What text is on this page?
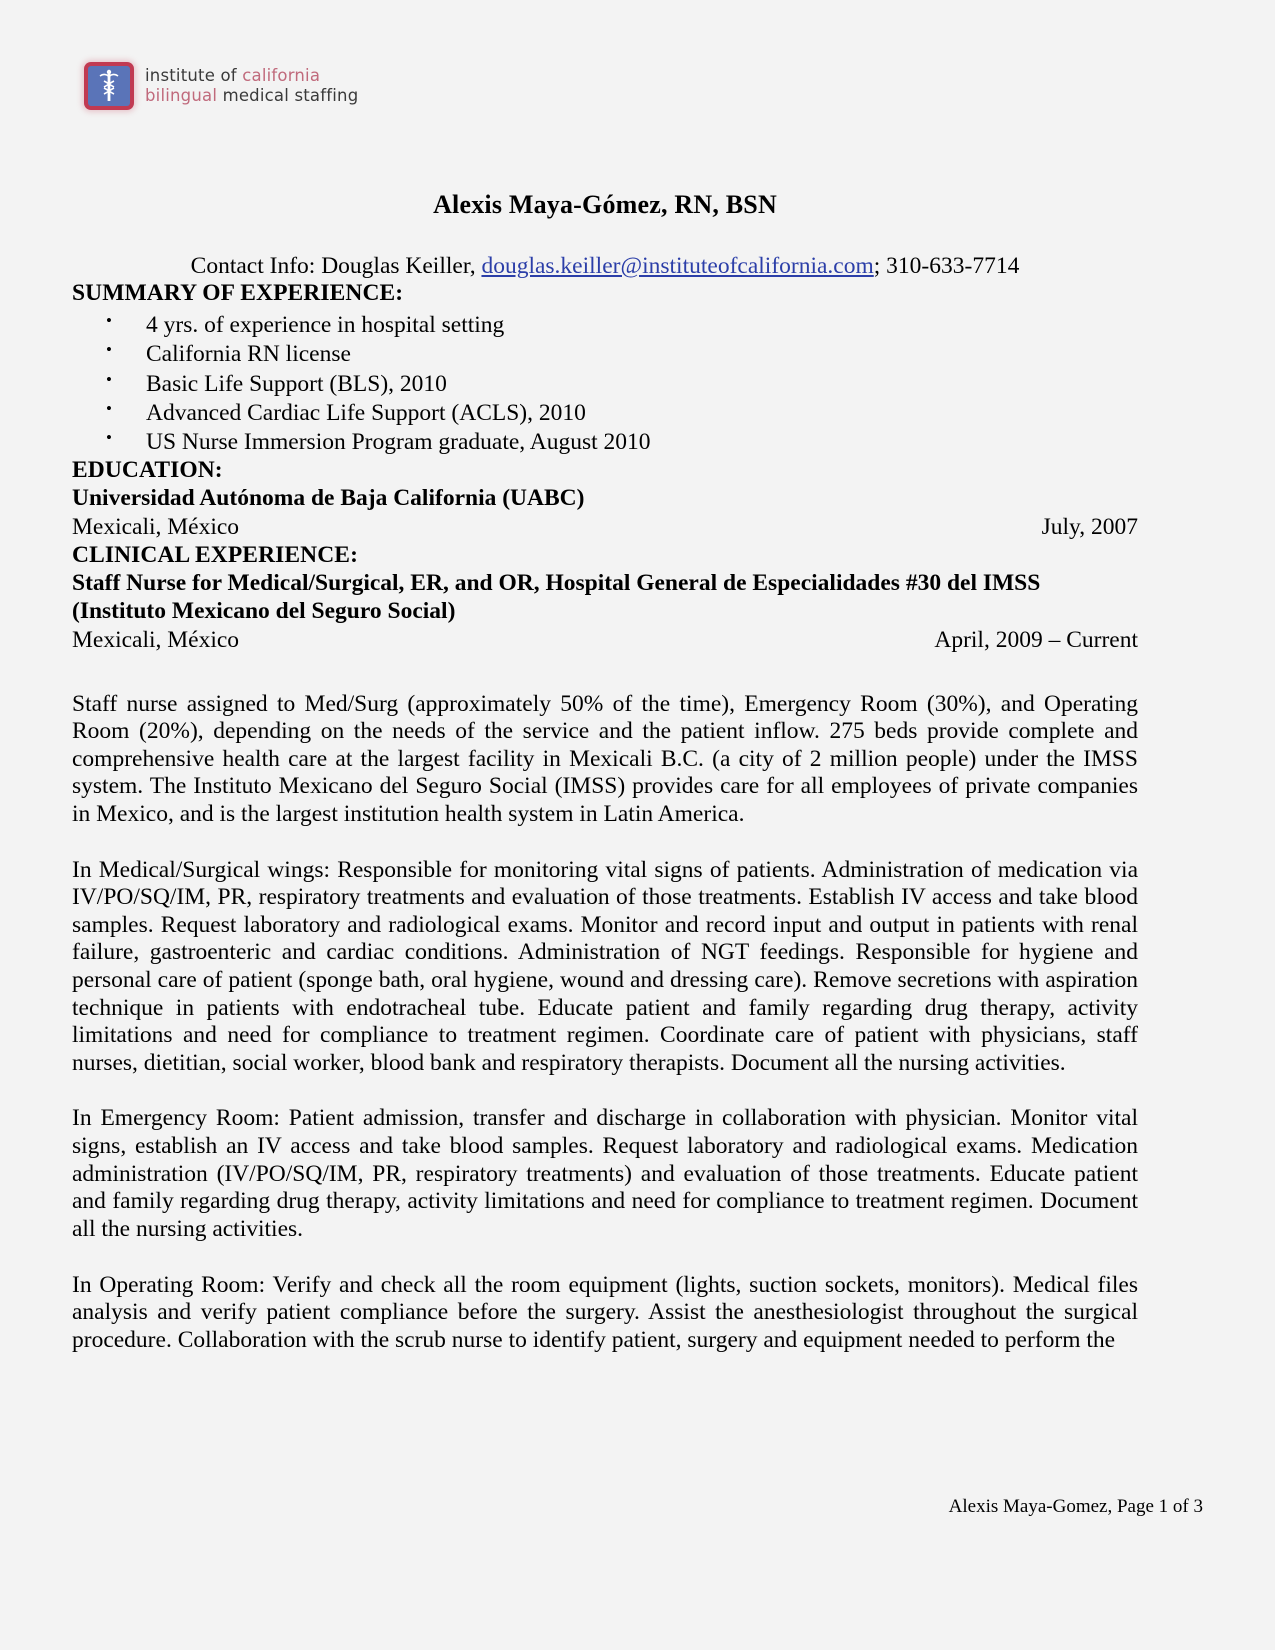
institute of california
bilingual medical staffing
Alexis Maya-Gómez, RN, BSN
Contact Info: Douglas Keiller, douglas.keiller@instituteofcalifornia.com; 310-633-7714
SUMMARY OF EXPERIENCE:
• 4 yrs. of experience in hospital setting
• California RN license
• Basic Life Support (BLS), 2010
• Advanced Cardiac Life Support (ACLS), 2010
• US Nurse Immersion Program graduate, August 2010
EDUCATION:
Universidad Autónoma de Baja California (UABC)
Mexicali, México	July, 2007
CLINICAL EXPERIENCE:
Staff Nurse for Medical/Surgical, ER, and OR, Hospital General de Especialidades #30 del IMSS
(Instituto Mexicano del Seguro Social)
Mexicali, México	April, 2009 – Current

Staff nurse assigned to Med/Surg (approximately 50% of the time), Emergency Room (30%), and Operating Room (20%), depending on the needs of the service and the patient inflow. 275 beds provide complete and comprehensive health care at the largest facility in Mexicali B.C. (a city of 2 million people) under the IMSS system. The Instituto Mexicano del Seguro Social (IMSS) provides care for all employees of private companies in Mexico, and is the largest institution health system in Latin America.

In Medical/Surgical wings: Responsible for monitoring vital signs of patients. Administration of medication via IV/PO/SQ/IM, PR, respiratory treatments and evaluation of those treatments. Establish IV access and take blood samples. Request laboratory and radiological exams. Monitor and record input and output in patients with renal failure, gastroenteric and cardiac conditions. Administration of NGT feedings. Responsible for hygiene and personal care of patient (sponge bath, oral hygiene, wound and dressing care). Remove secretions with aspiration technique in patients with endotracheal tube. Educate patient and family regarding drug therapy, activity limitations and need for compliance to treatment regimen. Coordinate care of patient with physicians, staff nurses, dietitian, social worker, blood bank and respiratory therapists. Document all the nursing activities.

In Emergency Room: Patient admission, transfer and discharge in collaboration with physician. Monitor vital signs, establish an IV access and take blood samples. Request laboratory and radiological exams. Medication administration (IV/PO/SQ/IM, PR, respiratory treatments) and evaluation of those treatments. Educate patient and family regarding drug therapy, activity limitations and need for compliance to treatment regimen. Document all the nursing activities.

In Operating Room: Verify and check all the room equipment (lights, suction sockets, monitors). Medical files analysis and verify patient compliance before the surgery. Assist the anesthesiologist throughout the surgical procedure. Collaboration with the scrub nurse to identify patient, surgery and equipment needed to perform the

Alexis Maya-Gomez, Page 1 of 3
